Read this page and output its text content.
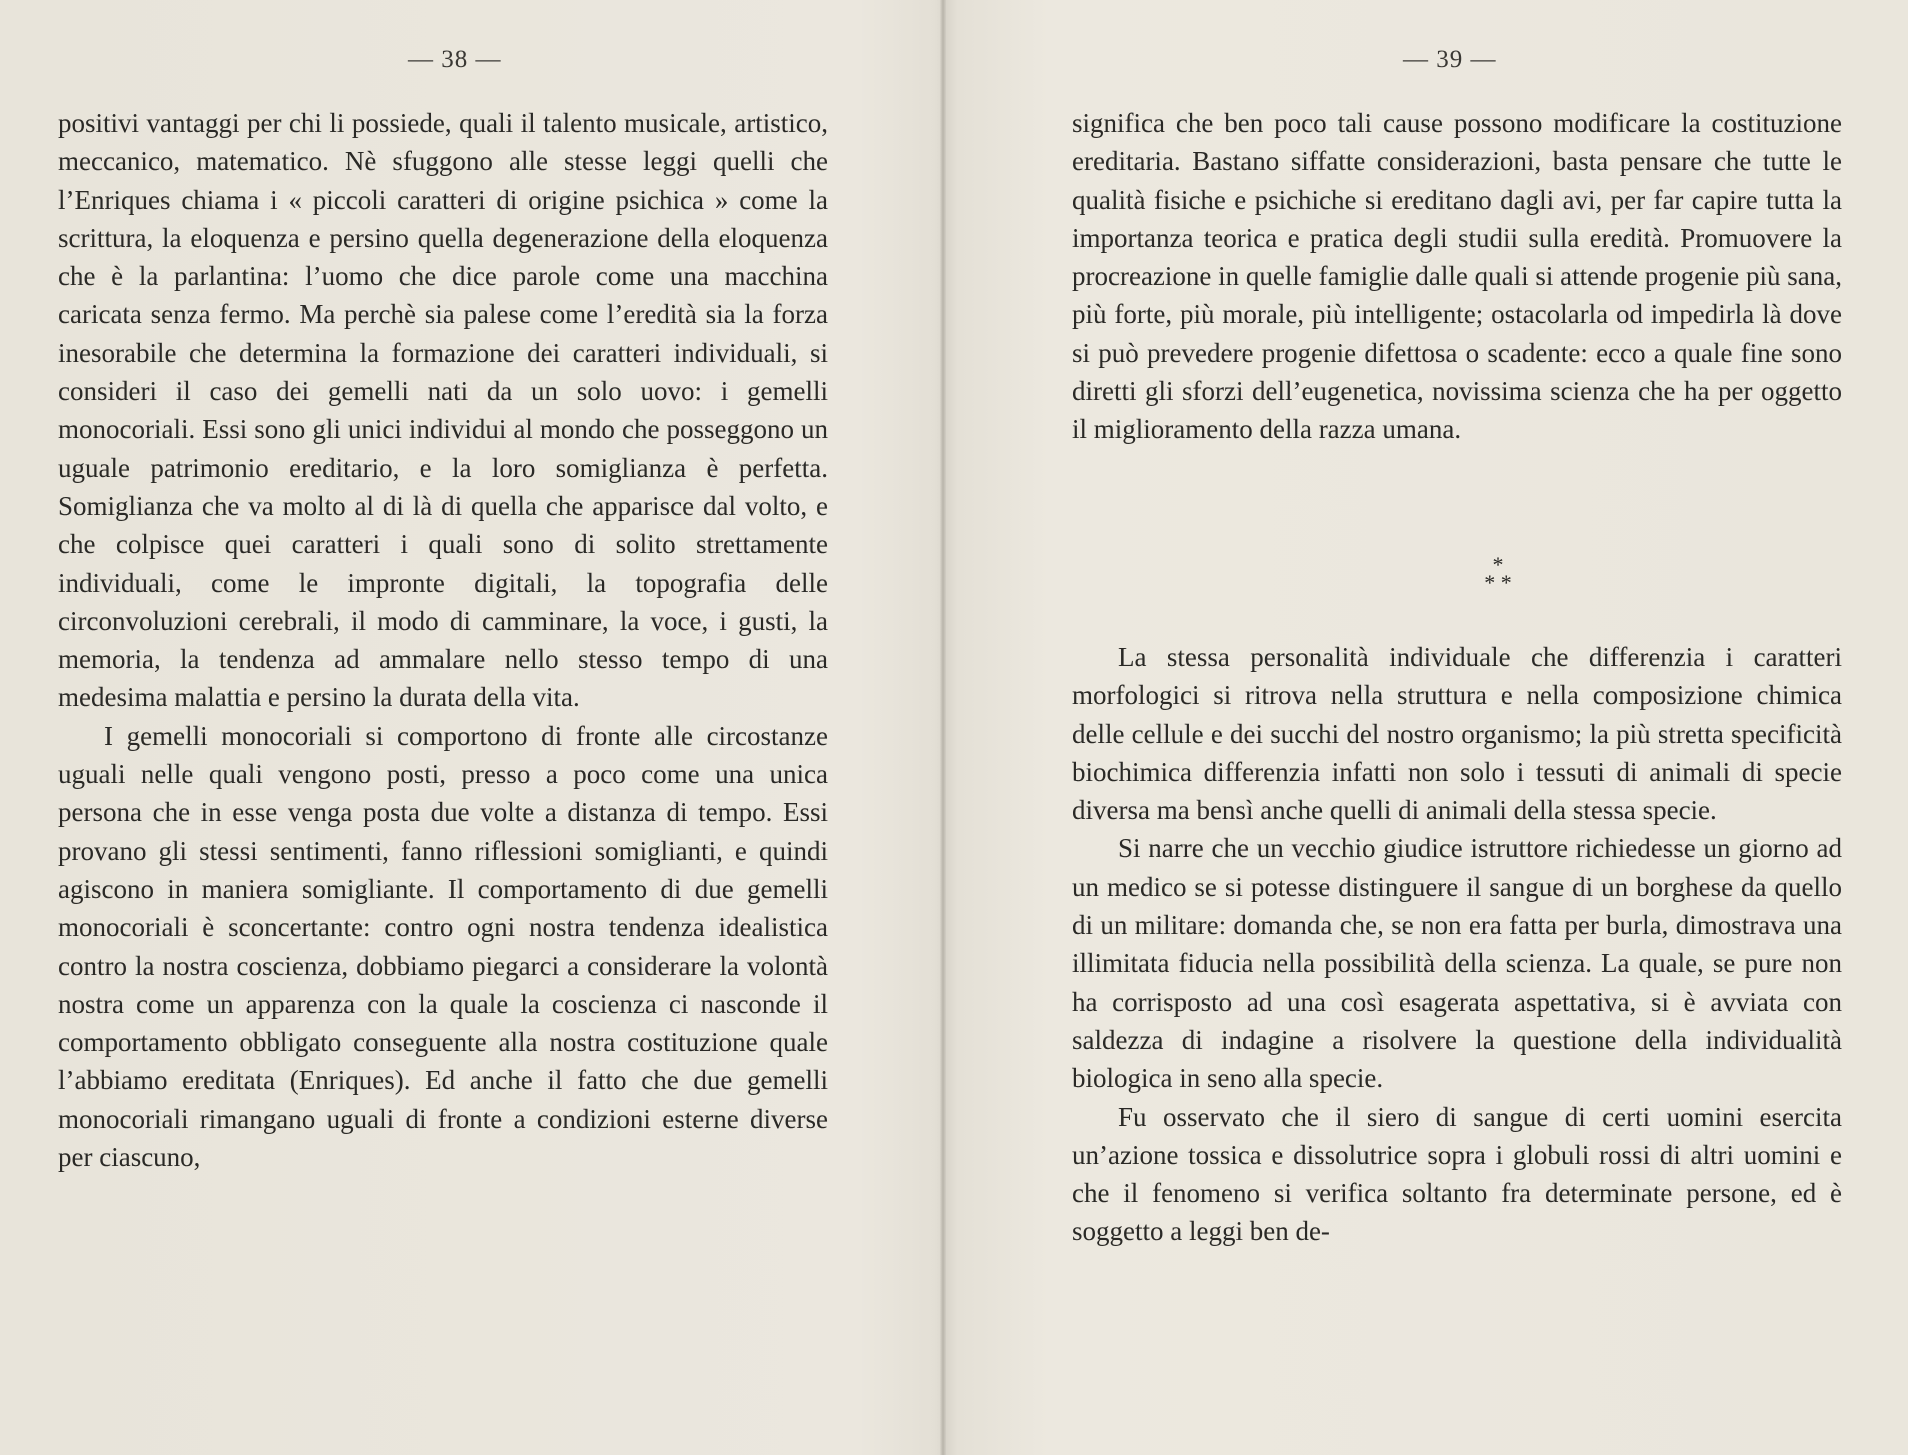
— 38 —

positivi vantaggi per chi li possiede, quali il talento musicale, artistico, meccanico, matematico. Nè sfuggono alle stesse leggi quelli che l’Enriques chiama i « piccoli caratteri di origine psichica » come la scrittura, la eloquenza e persino quella degenerazione della eloquenza che è la parlantina: l’uomo che dice parole come una macchina caricata senza fermo. Ma perchè sia palese come l’eredità sia la forza inesorabile che determina la formazione dei caratteri individuali, si consideri il caso dei gemelli nati da un solo uovo: i gemelli monocoriali. Essi sono gli unici individui al mondo che posseggono un uguale patrimonio ereditario, e la loro somiglianza è perfetta. Somiglianza che va molto al di là di quella che apparisce dal volto, e che colpisce quei caratteri i quali sono di solito strettamente individuali, come le impronte digitali, la topografia delle circonvoluzioni cerebrali, il modo di camminare, la voce, i gusti, la memoria, la tendenza ad ammalare nello stesso tempo di una medesima malattia e persino la durata della vita.

I gemelli monocoriali si comportono di fronte alle circostanze uguali nelle quali vengono posti, presso a poco come una unica persona che in esse venga posta due volte a distanza di tempo. Essi provano gli stessi sentimenti, fanno riflessioni somiglianti, e quindi agiscono in maniera somigliante. Il comportamento di due gemelli monocoriali è sconcertante: contro ogni nostra tendenza idealistica contro la nostra coscienza, dobbiamo piegarci a considerare la volontà nostra come un apparenza con la quale la coscienza ci nasconde il comportamento obbligato conseguente alla nostra costituzione quale l’abbiamo ereditata (Enriques). Ed anche il fatto che due gemelli monocoriali rimangano uguali di fronte a condizioni esterne diverse per ciascuno,

— 39 —

significa che ben poco tali cause possono modificare la costituzione ereditaria. Bastano siffatte considerazioni, basta pensare che tutte le qualità fisiche e psichiche si ereditano dagli avi, per far capire tutta la importanza teorica e pratica degli studii sulla eredità. Promuovere la procreazione in quelle famiglie dalle quali si attende progenie più sana, più forte, più morale, più intelligente; ostacolarla od impedirla là dove si può prevedere progenie difettosa o scadente: ecco a quale fine sono diretti gli sforzi dell’eugenetica, novissima scienza che ha per oggetto il miglioramento della razza umana.

*
* *

La stessa personalità individuale che differenzia i caratteri morfologici si ritrova nella struttura e nella composizione chimica delle cellule e dei succhi del nostro organismo; la più stretta specificità biochimica differenzia infatti non solo i tessuti di animali di specie diversa ma bensì anche quelli di animali della stessa specie.

Si narre che un vecchio giudice istruttore richiedesse un giorno ad un medico se si potesse distinguere il sangue di un borghese da quello di un militare: domanda che, se non era fatta per burla, dimostrava una illimitata fiducia nella possibilità della scienza. La quale, se pure non ha corrisposto ad una così esagerata aspettativa, si è avviata con saldezza di indagine a risolvere la questione della individualità biologica in seno alla specie.

Fu osservato che il siero di sangue di certi uomini esercita un’azione tossica e dissolutrice sopra i globuli rossi di altri uomini e che il fenomeno si verifica soltanto fra determinate persone, ed è soggetto a leggi ben de-
